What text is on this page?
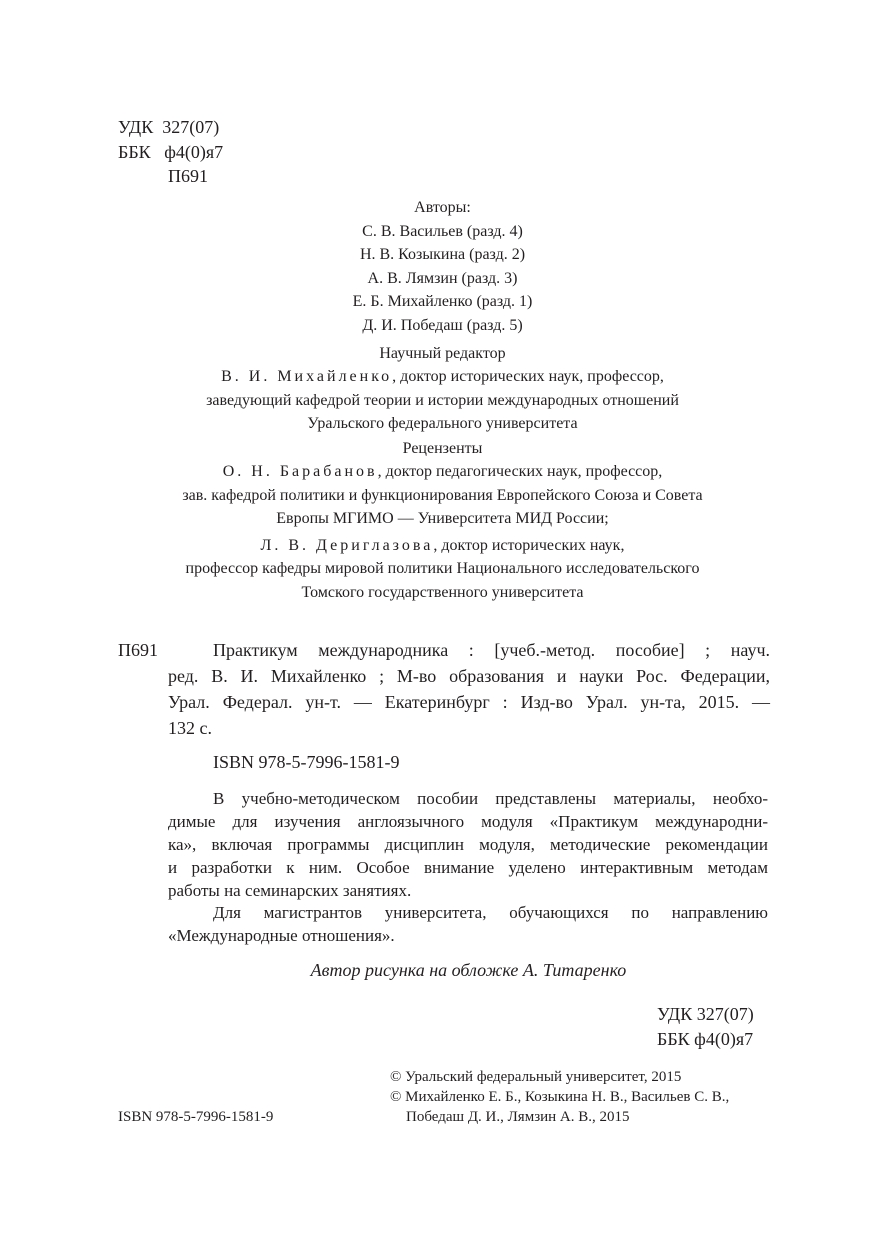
УДК 327(07)
ББК ф4(0)я7
П691
Авторы:
С. В. Васильев (разд. 4)
Н. В. Козыкина (разд. 2)
А. В. Лямзин (разд. 3)
Е. Б. Михайленко (разд. 1)
Д. И. Победаш (разд. 5)
Научный редактор
В. И. Михайленко, доктор исторических наук, профессор,
заведующий кафедрой теории и истории международных отношений
Уральского федерального университета
Рецензенты
О. Н. Барабанов, доктор педагогических наук, профессор,
зав. кафедрой политики и функционирования Европейского Союза и Совета
Европы МГИМО — Университета МИД России;
Л. В. Дериглазова, доктор исторических наук,
профессор кафедры мировой политики Национального исследовательского
Томского государственного университета
П691	Практикум международника : [учеб.-метод. пособие] ; науч.
ред. В. И. Михайленко ; М-во образования и науки Рос. Федерации,
Урал. Федерал. ун-т. — Екатеринбург : Изд-во Урал. ун-та, 2015. —
132 с.
ISBN 978-5-7996-1581-9
В учебно-методическом пособии представлены материалы, необхо-
димые для изучения англоязычного модуля «Практикум международни-
ка», включая программы дисциплин модуля, методические рекомендации
и разработки к ним. Особое внимание уделено интерактивным методам
работы на семинарских занятиях.
Для магистрантов университета, обучающихся по направлению
«Международные отношения».
Автор рисунка на обложке А. Титаренко
УДК 327(07)
ББК ф4(0)я7
© Уральский федеральный университет, 2015
© Михайленко Е. Б., Козыкина Н. В., Васильев С. В.,
Победаш Д. И., Лямзин А. В., 2015
ISBN 978-5-7996-1581-9
